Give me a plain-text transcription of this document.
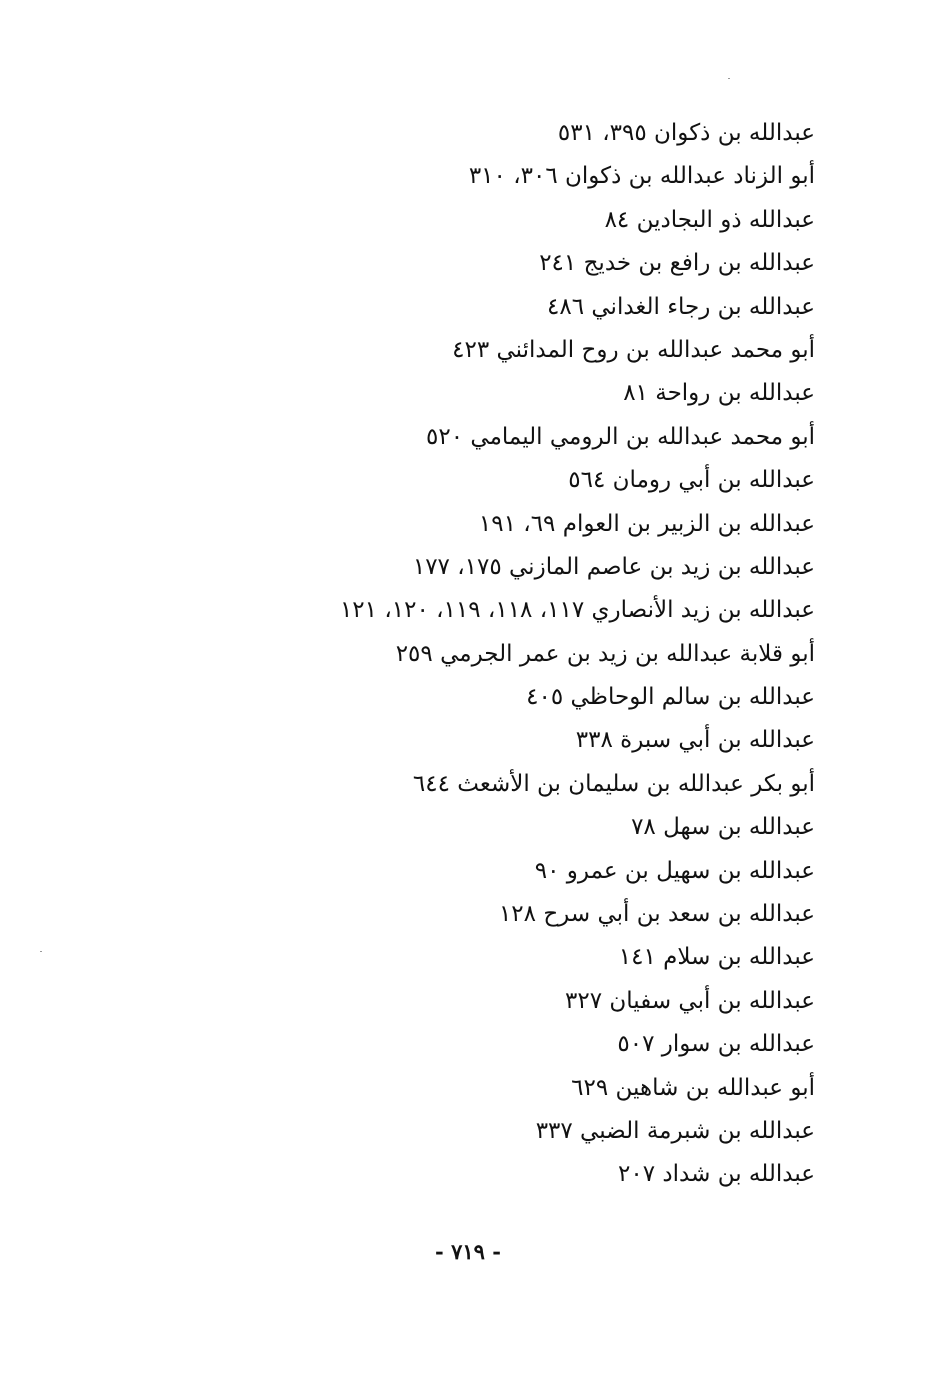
عبدالله بن ذكوان ٣٩٥، ٥٣١
أبو الزناد عبدالله بن ذكوان ٣٠٦، ٣١٠
عبدالله ذو البجادين ٨٤
عبدالله بن رافع بن خديج ٢٤١
عبدالله بن رجاء الغداني ٤٨٦
أبو محمد عبدالله بن روح المدائني ٤٢٣
عبدالله بن رواحة ٨١
أبو محمد عبدالله بن الرومي اليمامي ٥٢٠
عبدالله بن أبي رومان ٥٦٤
عبدالله بن الزبير بن العوام ٦٩، ١٩١
عبدالله بن زيد بن عاصم المازني ١٧٥، ١٧٧
عبدالله بن زيد الأنصاري ١١٧، ١١٨، ١١٩، ١٢٠، ١٢١
أبو قلابة عبدالله بن زيد بن عمر الجرمي ٢٥٩
عبدالله بن سالم الوحاظي ٤٠٥
عبدالله بن أبي سبرة ٣٣٨
أبو بكر عبدالله بن سليمان بن الأشعث ٦٤٤
عبدالله بن سهل ٧٨
عبدالله بن سهيل بن عمرو ٩٠
عبدالله بن سعد بن أبي سرح ١٢٨
عبدالله بن سلام ١٤١
عبدالله بن أبي سفيان ٣٢٧
عبدالله بن سوار ٥٠٧
أبو عبدالله بن شاهين ٦٢٩
عبدالله بن شبرمة الضبي ٣٣٧
عبدالله بن شداد ٢٠٧
- ٧١٩ -
